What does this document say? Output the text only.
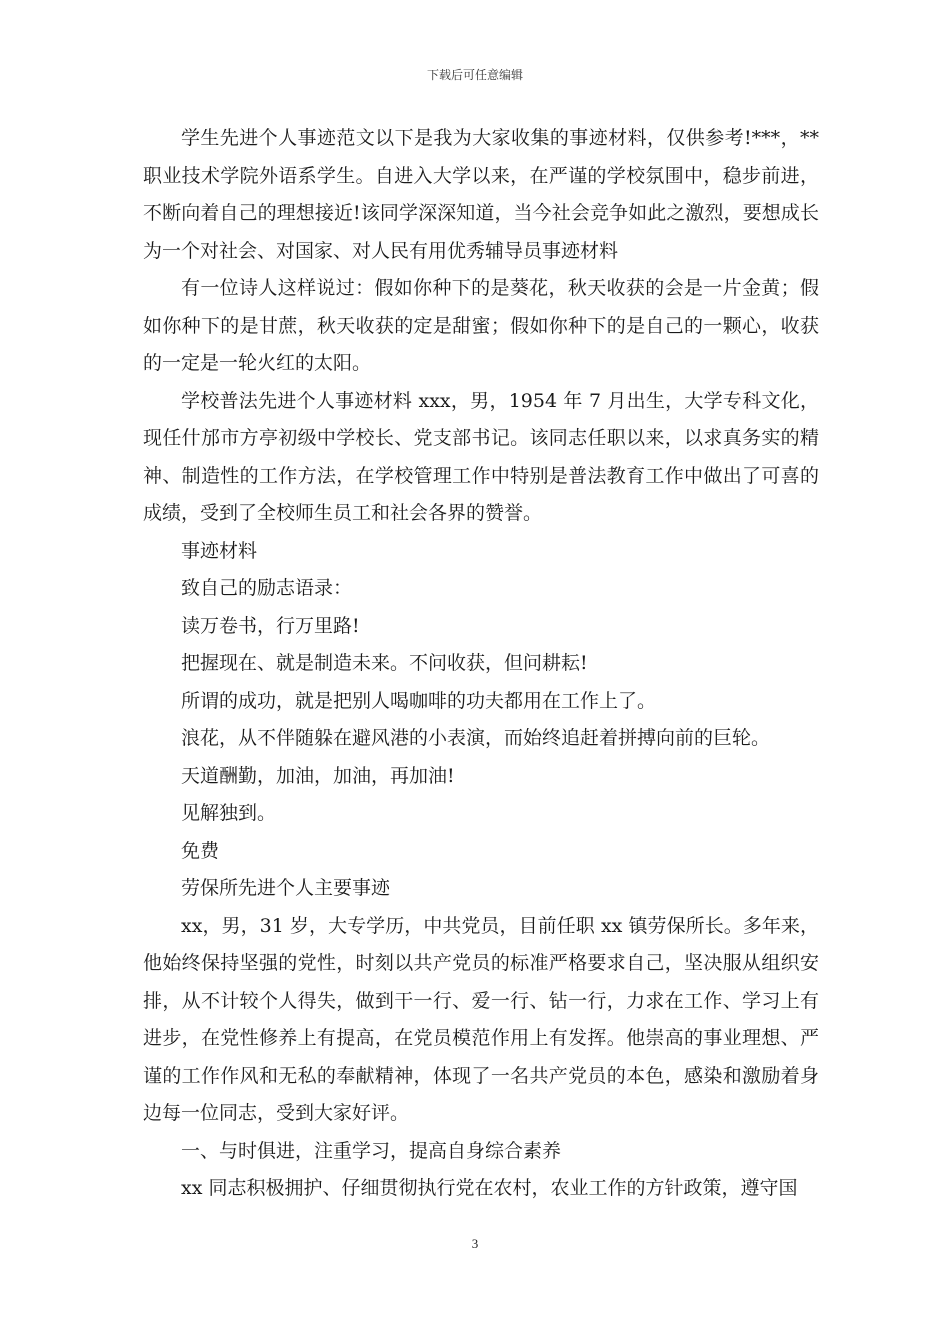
下载后可任意编辑

学生先进个人事迹范文以下是我为大家收集的事迹材料，仅供参考!***，**职业技术学院外语系学生。自进入大学以来，在严谨的学校氛围中，稳步前进，不断向着自己的理想接近!该同学深深知道，当今社会竞争如此之激烈，要想成长为一个对社会、对国家、对人民有用优秀辅导员事迹材料

有一位诗人这样说过：假如你种下的是葵花，秋天收获的会是一片金黄；假如你种下的是甘蔗，秋天收获的定是甜蜜；假如你种下的是自己的一颗心，收获的一定是一轮火红的太阳。

学校普法先进个人事迹材料 xxx，男，1954 年 7 月出生，大学专科文化，现任什邡市方亭初级中学校长、党支部书记。该同志任职以来，以求真务实的精神、制造性的工作方法，在学校管理工作中特别是普法教育工作中做出了可喜的成绩，受到了全校师生员工和社会各界的赞誉。

事迹材料

致自己的励志语录：

读万卷书，行万里路!

把握现在、就是制造未来。不问收获，但问耕耘!

所谓的成功，就是把别人喝咖啡的功夫都用在工作上了。

浪花，从不伴随躲在避风港的小表演，而始终追赶着拼搏向前的巨轮。

天道酬勤，加油，加油，再加油!

见解独到。

免费

劳保所先进个人主要事迹

xx，男，31 岁，大专学历，中共党员，目前任职 xx 镇劳保所长。多年来，他始终保持坚强的党性，时刻以共产党员的标准严格要求自己，坚决服从组织安排，从不计较个人得失，做到干一行、爱一行、钻一行，力求在工作、学习上有进步，在党性修养上有提高，在党员模范作用上有发挥。他崇高的事业理想、严谨的工作作风和无私的奉献精神，体现了一名共产党员的本色，感染和激励着身边每一位同志，受到大家好评。

一、与时俱进，注重学习，提高自身综合素养

xx 同志积极拥护、仔细贯彻执行党在农村，农业工作的方针政策，遵守国

3
